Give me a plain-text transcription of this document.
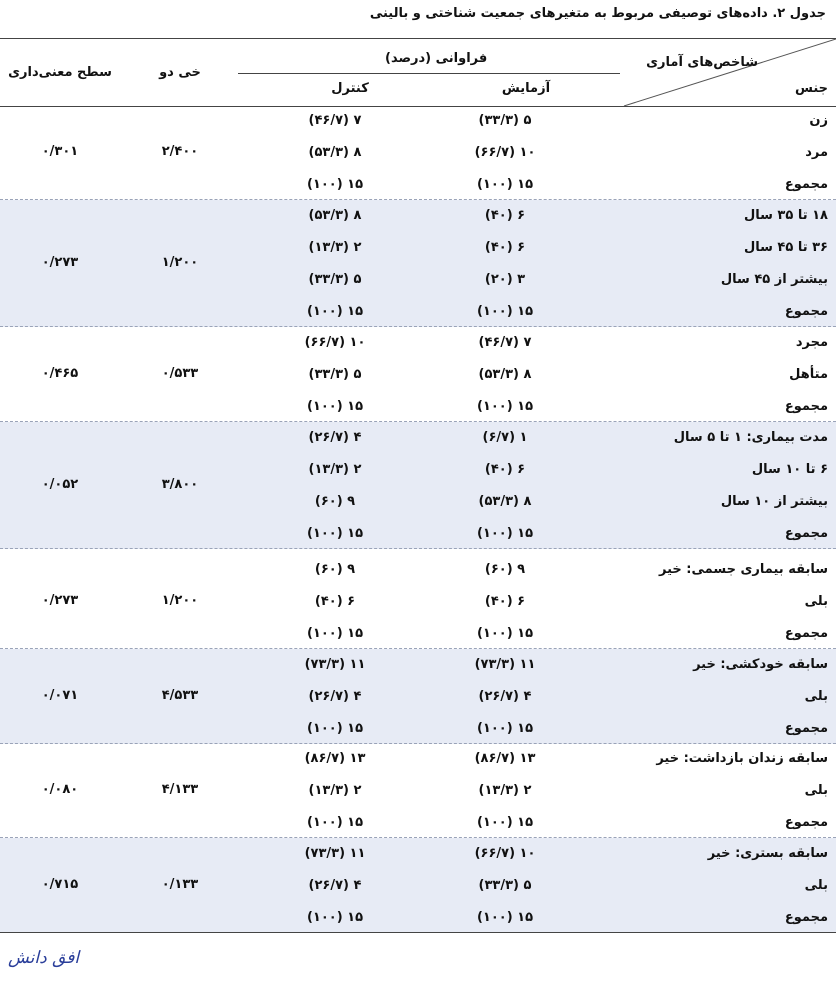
جدول ۲. داده‌های توصیفی مربوط به متغیرهای جمعیت شناختی و بالینی
شاخص‌های آماری
جنس
فراوانی (درصد)
آزمایش
کنترل
خی دو
سطح معنی‌داری
زن
۵ (۳۳/۳)
۷ (۴۶/۷)
مرد
۱۰ (۶۶/۷)
۸ (۵۳/۳)
مجموع
۱۵ (۱۰۰)
۱۵ (۱۰۰)
۲/۴۰۰
۰/۳۰۱
۱۸ تا ۳۵ سال
۶ (۴۰)
۸ (۵۳/۳)
۳۶ تا ۴۵ سال
۶ (۴۰)
۲ (۱۳/۳)
بیشتر از ۴۵ سال
۳ (۲۰)
۵ (۳۳/۳)
مجموع
۱۵ (۱۰۰)
۱۵ (۱۰۰)
۱/۲۰۰
۰/۲۷۳
مجرد
۷ (۴۶/۷)
۱۰ (۶۶/۷)
متأهل
۸ (۵۳/۳)
۵ (۳۳/۳)
مجموع
۱۵ (۱۰۰)
۱۵ (۱۰۰)
۰/۵۳۳
۰/۴۶۵
مدت بیماری: ۱ تا ۵ سال
۱ (۶/۷)
۴ (۲۶/۷)
۶ تا ۱۰ سال
۶ (۴۰)
۲ (۱۳/۳)
بیشتر از ۱۰ سال
۸ (۵۳/۳)
۹ (۶۰)
مجموع
۱۵ (۱۰۰)
۱۵ (۱۰۰)
۳/۸۰۰
۰/۰۵۲
سابقه بیماری جسمی: خیر
۹ (۶۰)
۹ (۶۰)
بلی
۶ (۴۰)
۶ (۴۰)
مجموع
۱۵ (۱۰۰)
۱۵ (۱۰۰)
۱/۲۰۰
۰/۲۷۳
سابقه خودکشی: خیر
۱۱ (۷۳/۳)
۱۱ (۷۳/۳)
بلی
۴ (۲۶/۷)
۴ (۲۶/۷)
مجموع
۱۵ (۱۰۰)
۱۵ (۱۰۰)
۴/۵۳۳
۰/۰۷۱
سابقه زندان بازداشت: خیر
۱۳ (۸۶/۷)
۱۳ (۸۶/۷)
بلی
۲ (۱۳/۳)
۲ (۱۳/۳)
مجموع
۱۵ (۱۰۰)
۱۵ (۱۰۰)
۴/۱۳۳
۰/۰۸۰
سابقه بستری: خیر
۱۰ (۶۶/۷)
۱۱ (۷۳/۳)
بلی
۵ (۳۳/۳)
۴ (۲۶/۷)
مجموع
۱۵ (۱۰۰)
۱۵ (۱۰۰)
۰/۱۳۳
۰/۷۱۵
افق دانش
